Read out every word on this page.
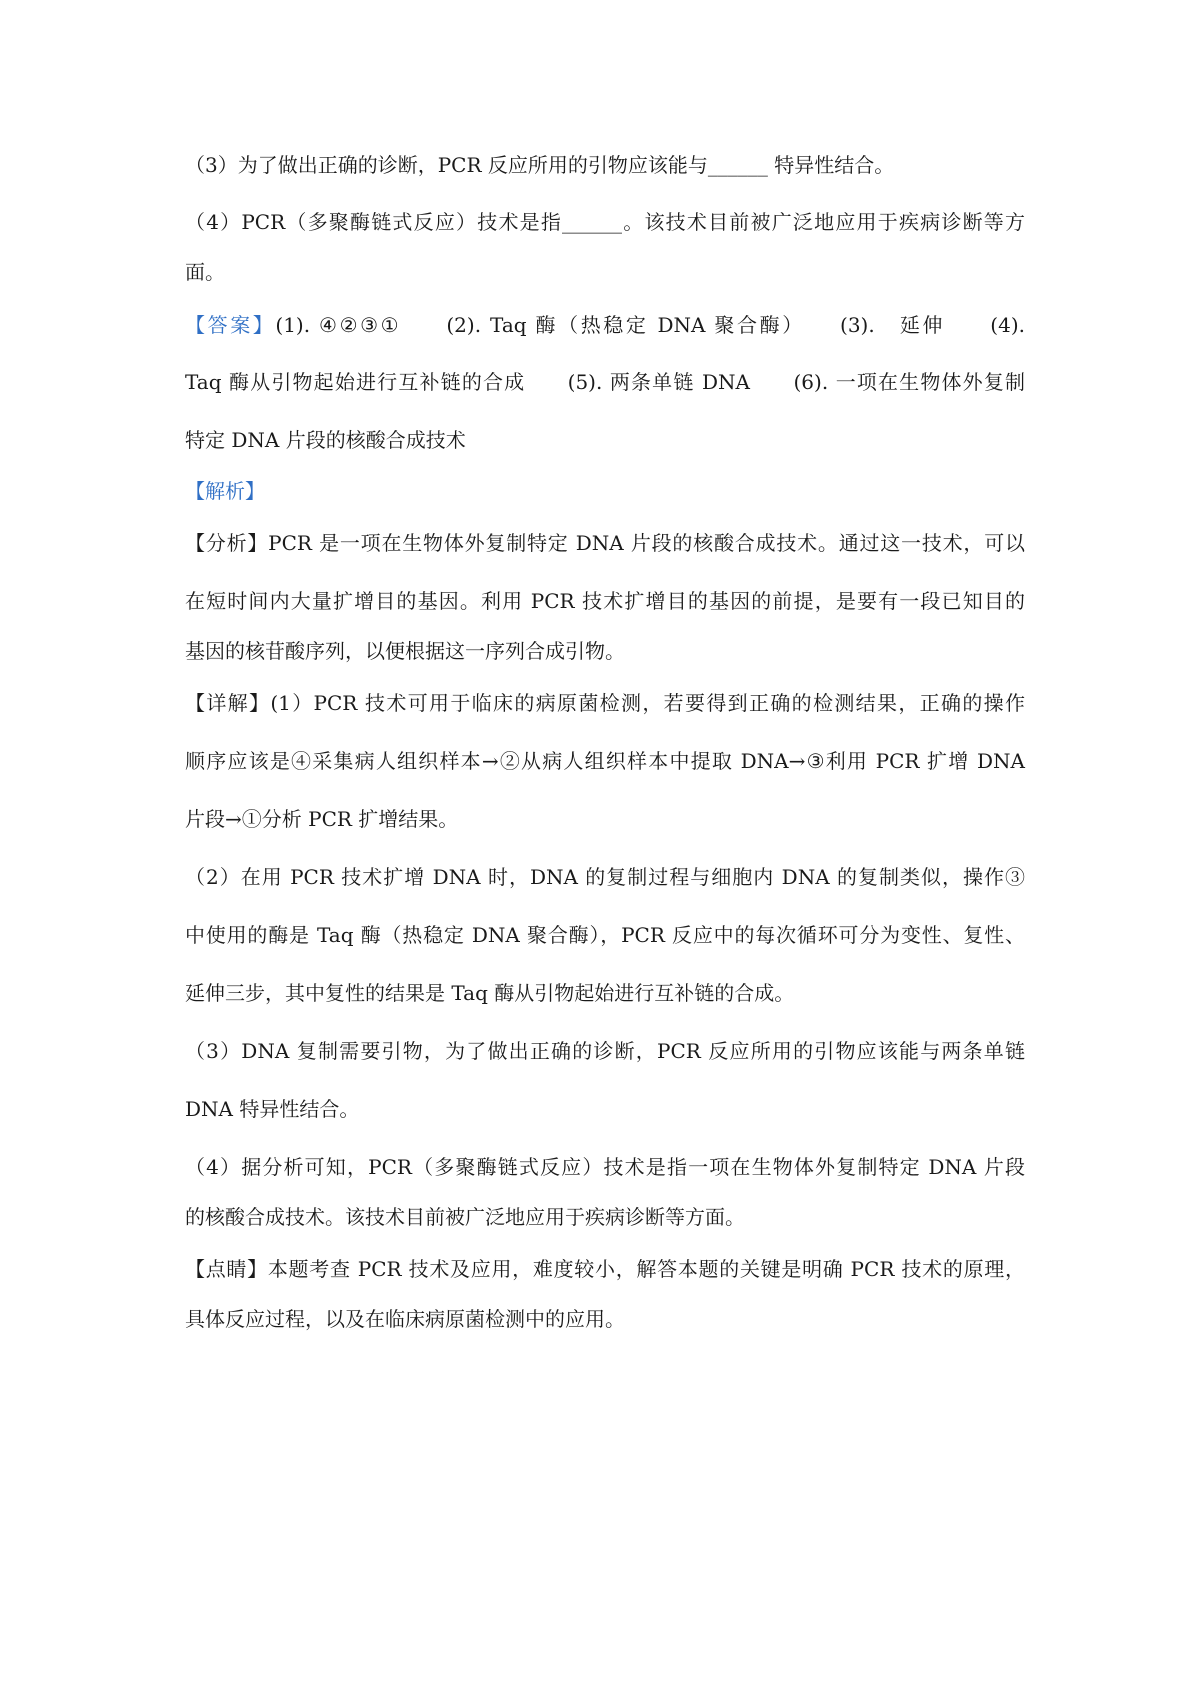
（3）为了做出正确的诊断，PCR 反应所用的引物应该能与______ 特异性结合。
（4）PCR（多聚酶链式反应）技术是指______。该技术目前被广泛地应用于疾病诊断等方
面。
【答案】(1). ④②③①　　(2). Taq 酶（热稳定 DNA 聚合酶）　　(3).　延伸　　(4).
Taq 酶从引物起始进行互补链的合成　　(5). 两条单链 DNA　　(6). 一项在生物体外复制
特定 DNA 片段的核酸合成技术
【解析】
【分析】PCR 是一项在生物体外复制特定 DNA 片段的核酸合成技术。通过这一技术，可以
在短时间内大量扩增目的基因。利用 PCR 技术扩增目的基因的前提，是要有一段已知目的
基因的核苷酸序列，以便根据这一序列合成引物。
【详解】(1）PCR 技术可用于临床的病原菌检测，若要得到正确的检测结果，正确的操作
顺序应该是④采集病人组织样本→②从病人组织样本中提取 DNA→③利用 PCR 扩增 DNA
片段→①分析 PCR 扩增结果。
（2）在用 PCR 技术扩增 DNA 时，DNA 的复制过程与细胞内 DNA 的复制类似，操作③
中使用的酶是 Taq 酶（热稳定 DNA 聚合酶），PCR 反应中的每次循环可分为变性、复性、
延伸三步，其中复性的结果是 Taq 酶从引物起始进行互补链的合成。
（3）DNA 复制需要引物，为了做出正确的诊断，PCR 反应所用的引物应该能与两条单链
DNA 特异性结合。
（4）据分析可知，PCR（多聚酶链式反应）技术是指一项在生物体外复制特定 DNA 片段
的核酸合成技术。该技术目前被广泛地应用于疾病诊断等方面。
【点睛】本题考查 PCR 技术及应用，难度较小，解答本题的关键是明确 PCR 技术的原理，
具体反应过程，以及在临床病原菌检测中的应用。
